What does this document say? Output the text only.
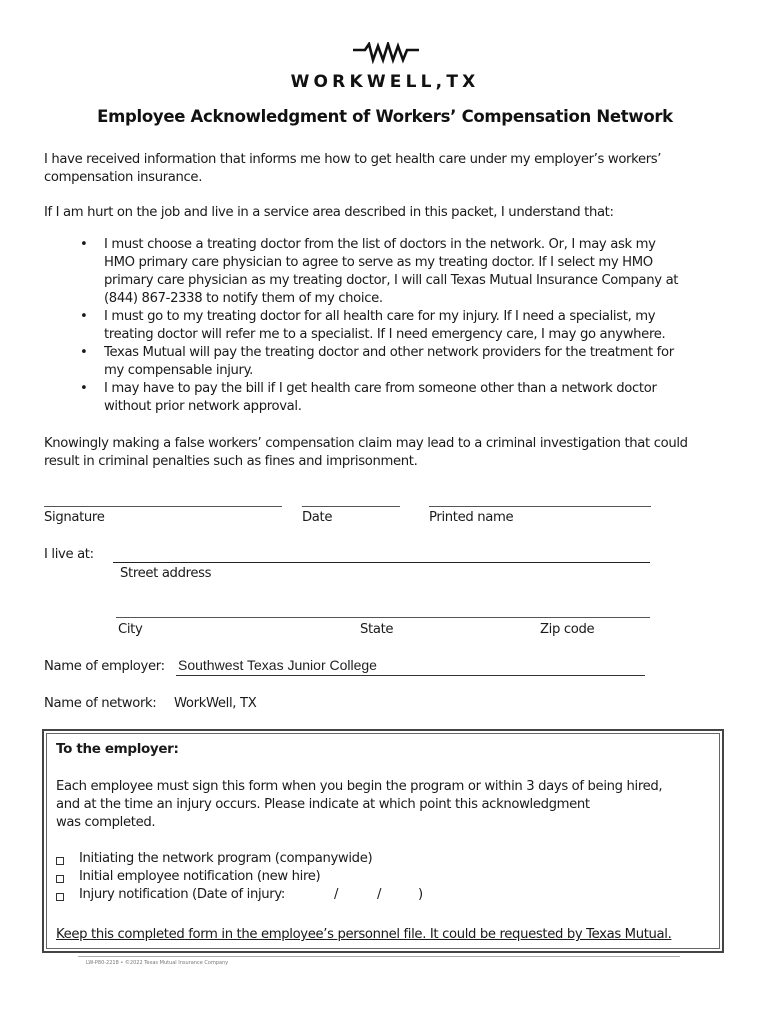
WORKWELL,TX
Employee Acknowledgment of Workers’ Compensation Network
I have received information that informs me how to get health care under my employer’s workers’
compensation insurance.
If I am hurt on the job and live in a service area described in this packet, I understand that:
• I must choose a treating doctor from the list of doctors in the network. Or, I may ask my
HMO primary care physician to agree to serve as my treating doctor. If I select my HMO
primary care physician as my treating doctor, I will call Texas Mutual Insurance Company at
(844) 867-2338 to notify them of my choice.
• I must go to my treating doctor for all health care for my injury. If I need a specialist, my
treating doctor will refer me to a specialist. If I need emergency care, I may go anywhere.
• Texas Mutual will pay the treating doctor and other network providers for the treatment for
my compensable injury.
• I may have to pay the bill if I get health care from someone other than a network doctor
without prior network approval.
Knowingly making a false workers’ compensation claim may lead to a criminal investigation that could
result in criminal penalties such as fines and imprisonment.
Signature	Date	Printed name
I live at:
Street address
City	State	Zip code
Name of employer: Southwest Texas Junior College
Name of network: WorkWell, TX
To the employer:
Each employee must sign this form when you begin the program or within 3 days of being hired,
and at the time an injury occurs. Please indicate at which point this acknowledgment
was completed.
Initiating the network program (companywide)
Initial employee notification (new hire)
Injury notification (Date of injury:	/	/	)
Keep this completed form in the employee’s personnel file. It could be requested by Texas Mutual.
LW-P80-2218 • ©2022 Texas Mutual Insurance Company
